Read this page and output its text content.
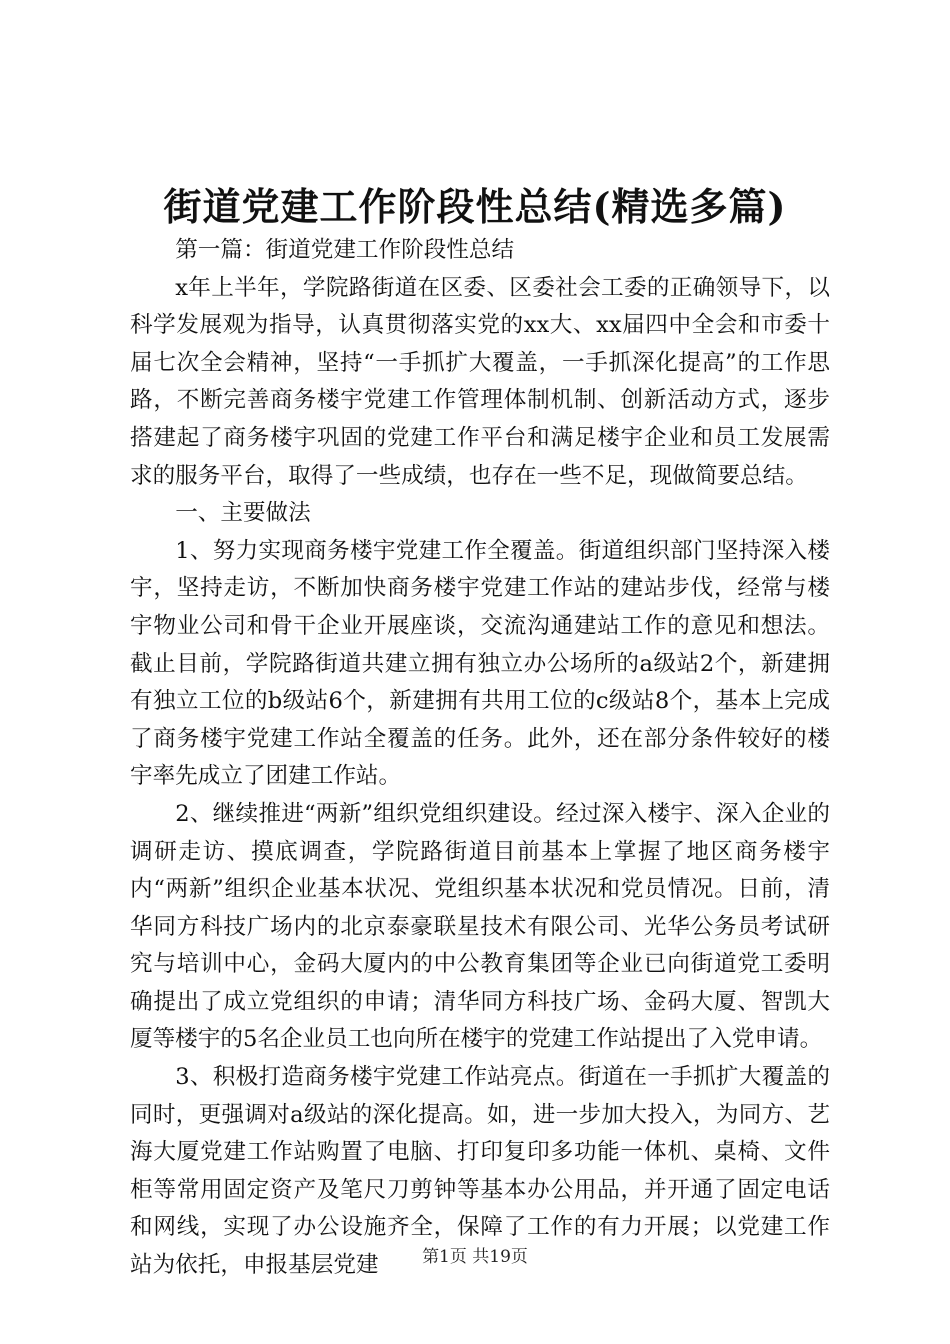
街道党建工作阶段性总结(精选多篇)

第一篇：街道党建工作阶段性总结

x年上半年，学院路街道在区委、区委社会工委的正确领导下，以科学发展观为指导，认真贯彻落实党的xx大、xx届四中全会和市委十届七次全会精神，坚持“一手抓扩大覆盖，一手抓深化提高”的工作思路，不断完善商务楼宇党建工作管理体制机制、创新活动方式，逐步搭建起了商务楼宇巩固的党建工作平台和满足楼宇企业和员工发展需求的服务平台，取得了一些成绩，也存在一些不足，现做简要总结。

一、主要做法

1、努力实现商务楼宇党建工作全覆盖。街道组织部门坚持深入楼宇，坚持走访，不断加快商务楼宇党建工作站的建站步伐，经常与楼宇物业公司和骨干企业开展座谈，交流沟通建站工作的意见和想法。截止目前，学院路街道共建立拥有独立办公场所的a级站2个，新建拥有独立工位的b级站6个，新建拥有共用工位的c级站8个，基本上完成了商务楼宇党建工作站全覆盖的任务。此外，还在部分条件较好的楼宇率先成立了团建工作站。

2、继续推进“两新”组织党组织建设。经过深入楼宇、深入企业的调研走访、摸底调查，学院路街道目前基本上掌握了地区商务楼宇内“两新”组织企业基本状况、党组织基本状况和党员情况。日前，清华同方科技广场内的北京泰豪联星技术有限公司、光华公务员考试研究与培训中心，金码大厦内的中公教育集团等企业已向街道党工委明确提出了成立党组织的申请；清华同方科技广场、金码大厦、智凯大厦等楼宇的5名企业员工也向所在楼宇的党建工作站提出了入党申请。

3、积极打造商务楼宇党建工作站亮点。街道在一手抓扩大覆盖的同时，更强调对a级站的深化提高。如，进一步加大投入，为同方、艺海大厦党建工作站购置了电脑、打印复印多功能一体机、桌椅、文件柜等常用固定资产及笔尺刀剪钟等基本办公用品，并开通了固定电话和网线，实现了办公设施齐全，保障了工作的有力开展；以党建工作站为依托，申报基层党建	第1页 共19页
